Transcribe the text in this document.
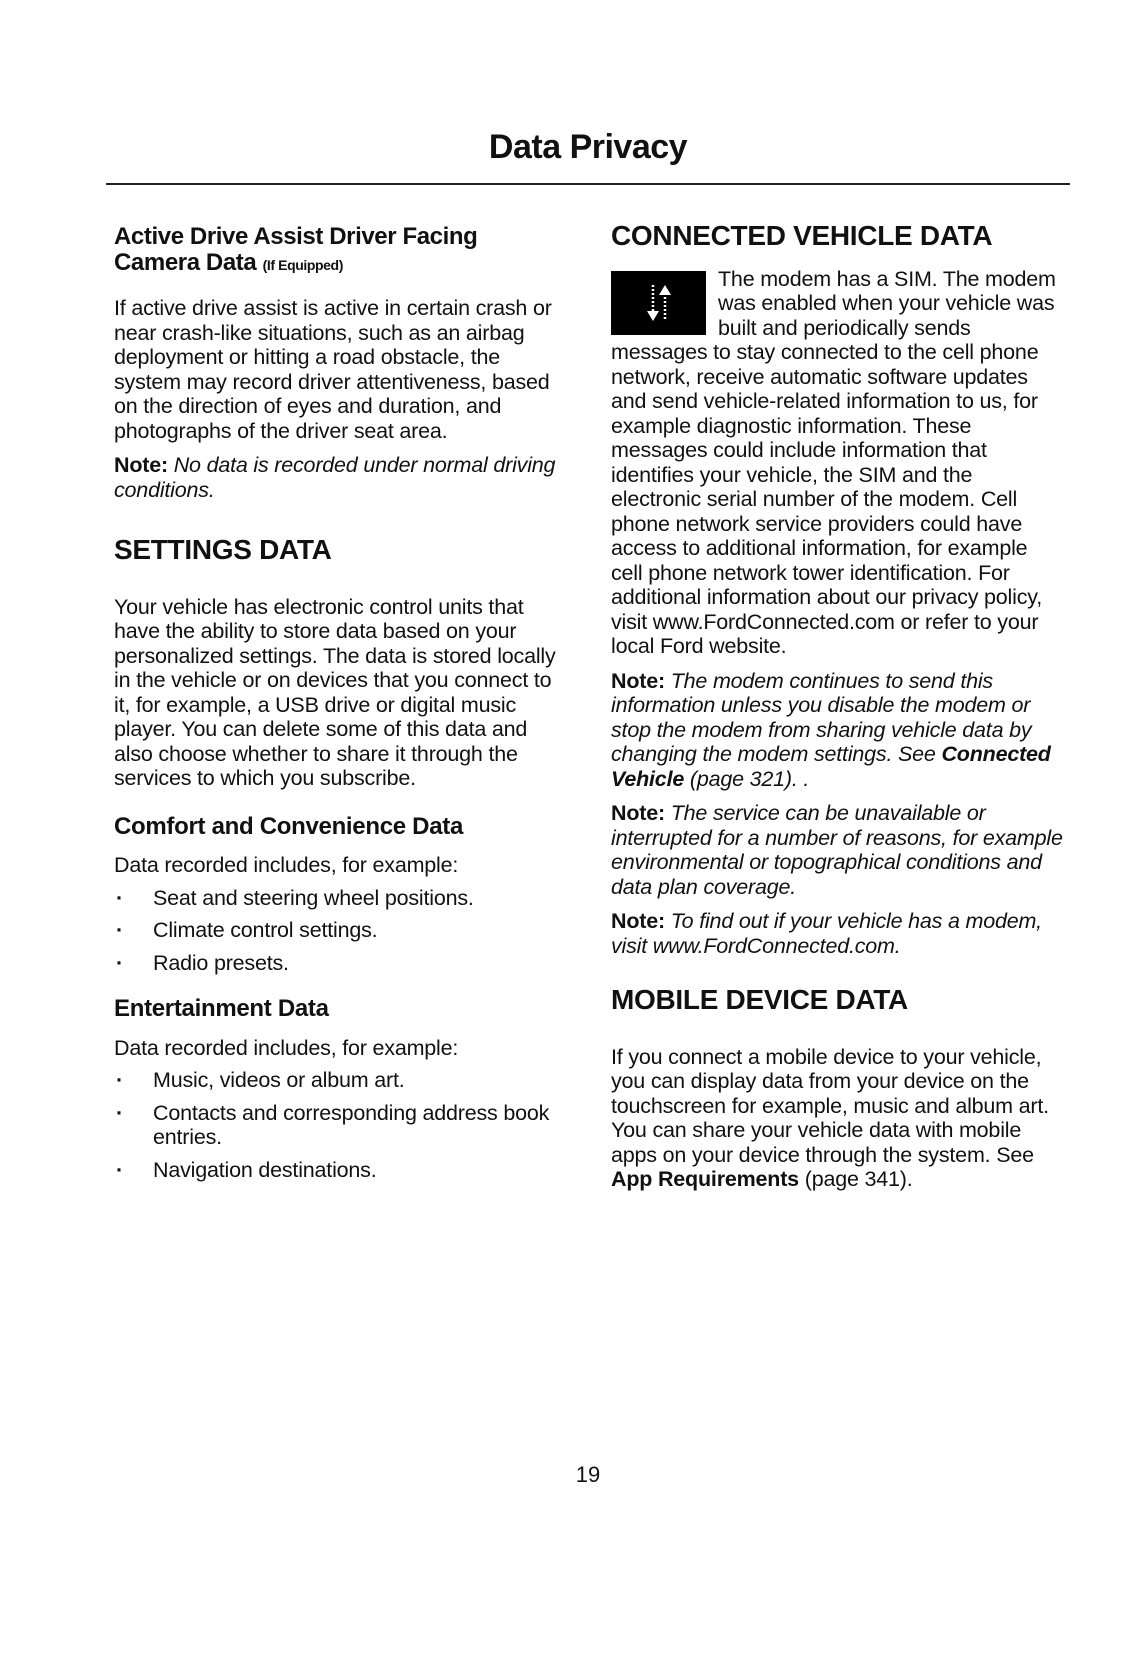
Data Privacy
Active Drive Assist Driver Facing Camera Data (If Equipped)

If active drive assist is active in certain crash or near crash-like situations, such as an airbag deployment or hitting a road obstacle, the system may record driver attentiveness, based on the direction of eyes and duration, and photographs of the driver seat area.

Note: No data is recorded under normal driving conditions.

SETTINGS DATA

Your vehicle has electronic control units that have the ability to store data based on your personalized settings. The data is stored locally in the vehicle or on devices that you connect to it, for example, a USB drive or digital music player. You can delete some of this data and also choose whether to share it through the services to which you subscribe.

Comfort and Convenience Data

Data recorded includes, for example:

· Seat and steering wheel positions.
· Climate control settings.
· Radio presets.
Entertainment Data

Data recorded includes, for example:

· Music, videos or album art.
· Contacts and corresponding address book entries.
· Navigation destinations.
CONNECTED VEHICLE DATA

The modem has a SIM. The modem was enabled when your vehicle was built and periodically sends messages to stay connected to the cell phone network, receive automatic software updates and send vehicle-related information to us, for example diagnostic information. These messages could include information that identifies your vehicle, the SIM and the electronic serial number of the modem. Cell phone network service providers could have access to additional information, for example cell phone network tower identification. For additional information about our privacy policy, visit www.FordConnected.com or refer to your local Ford website.

Note: The modem continues to send this information unless you disable the modem or stop the modem from sharing vehicle data by changing the modem settings. See Connected Vehicle (page 321). .

Note: The service can be unavailable or interrupted for a number of reasons, for example environmental or topographical conditions and data plan coverage.

Note: To find out if your vehicle has a modem, visit www.FordConnected.com.

MOBILE DEVICE DATA

If you connect a mobile device to your vehicle, you can display data from your device on the touchscreen for example, music and album art. You can share your vehicle data with mobile apps on your device through the system. See App Requirements (page 341).

19
